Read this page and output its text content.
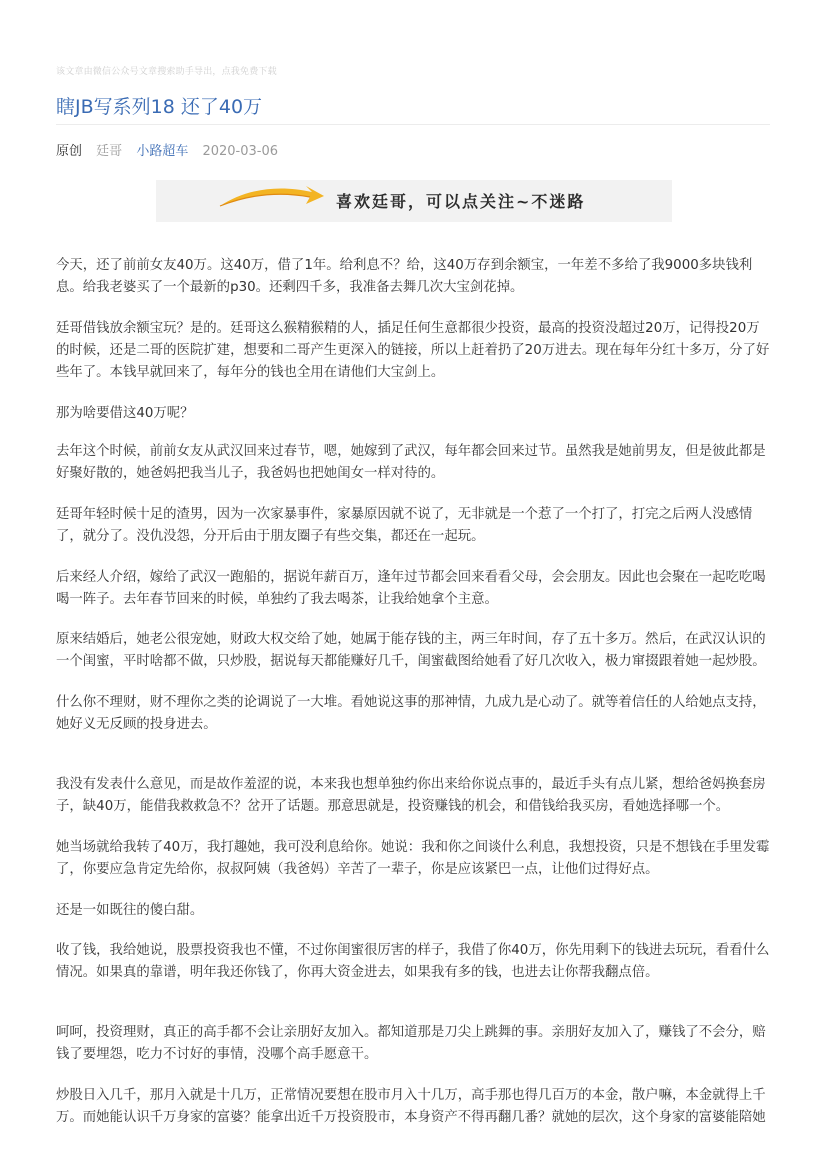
该文章由微信公众号文章搜索助手导出，点我免费下载
瞎JB写系列18 还了40万
原创 廷哥 小路超车 2020-03-06
喜欢廷哥，可以点关注~不迷路

今天，还了前前女友40万。这40万，借了1年。给利息不？给，这40万存到余额宝，一年差不多给了我9000多块钱利息。给我老婆买了一个最新的p30。还剩四千多，我准备去舞几次大宝剑花掉。

廷哥借钱放余额宝玩？是的。廷哥这么猴精猴精的人，插足任何生意都很少投资，最高的投资没超过20万，记得投20万的时候，还是二哥的医院扩建，想要和二哥产生更深入的链接，所以上赶着扔了20万进去。现在每年分红十多万，分了好些年了。本钱早就回来了，每年分的钱也全用在请他们大宝剑上。

那为啥要借这40万呢？

去年这个时候，前前女友从武汉回来过春节，嗯，她嫁到了武汉，每年都会回来过节。虽然我是她前男友，但是彼此都是好聚好散的，她爸妈把我当儿子，我爸妈也把她闺女一样对待的。

廷哥年轻时候十足的渣男，因为一次家暴事件，家暴原因就不说了，无非就是一个惹了一个打了，打完之后两人没感情了，就分了。没仇没怨，分开后由于朋友圈子有些交集，都还在一起玩。

后来经人介绍，嫁给了武汉一跑船的，据说年薪百万，逢年过节都会回来看看父母，会会朋友。因此也会聚在一起吃吃喝喝一阵子。去年春节回来的时候，单独约了我去喝茶，让我给她拿个主意。

原来结婚后，她老公很宠她，财政大权交给了她，她属于能存钱的主，两三年时间，存了五十多万。然后，在武汉认识的一个闺蜜，平时啥都不做，只炒股，据说每天都能赚好几千，闺蜜截图给她看了好几次收入，极力窜掇跟着她一起炒股。

什么你不理财，财不理你之类的论调说了一大堆。看她说这事的那神情，九成九是心动了。就等着信任的人给她点支持，她好义无反顾的投身进去。

我没有发表什么意见，而是故作羞涩的说，本来我也想单独约你出来给你说点事的，最近手头有点儿紧，想给爸妈换套房子，缺40万，能借我救救急不？岔开了话题。那意思就是，投资赚钱的机会，和借钱给我买房，看她选择哪一个。

她当场就给我转了40万，我打趣她，我可没利息给你。她说：我和你之间谈什么利息，我想投资，只是不想钱在手里发霉了，你要应急肯定先给你，叔叔阿姨（我爸妈）辛苦了一辈子，你是应该紧巴一点，让他们过得好点。

还是一如既往的傻白甜。

收了钱，我给她说，股票投资我也不懂，不过你闺蜜很厉害的样子，我借了你40万，你先用剩下的钱进去玩玩，看看什么情况。如果真的靠谱，明年我还你钱了，你再大资金进去，如果我有多的钱，也进去让你帮我翻点倍。

呵呵，投资理财，真正的高手都不会让亲朋好友加入。都知道那是刀尖上跳舞的事。亲朋好友加入了，赚钱了不会分，赔钱了要埋怨，吃力不讨好的事情，没哪个高手愿意干。

炒股日入几千，那月入就是十几万，正常情况要想在股市月入十几万，高手那也得几百万的本金，散户嘛，本金就得上千万。而她能认识千万身家的富婆？能拿出近千万投资股市，本身资产不得再翻几番？就她的层次，这个身家的富婆能陪她
